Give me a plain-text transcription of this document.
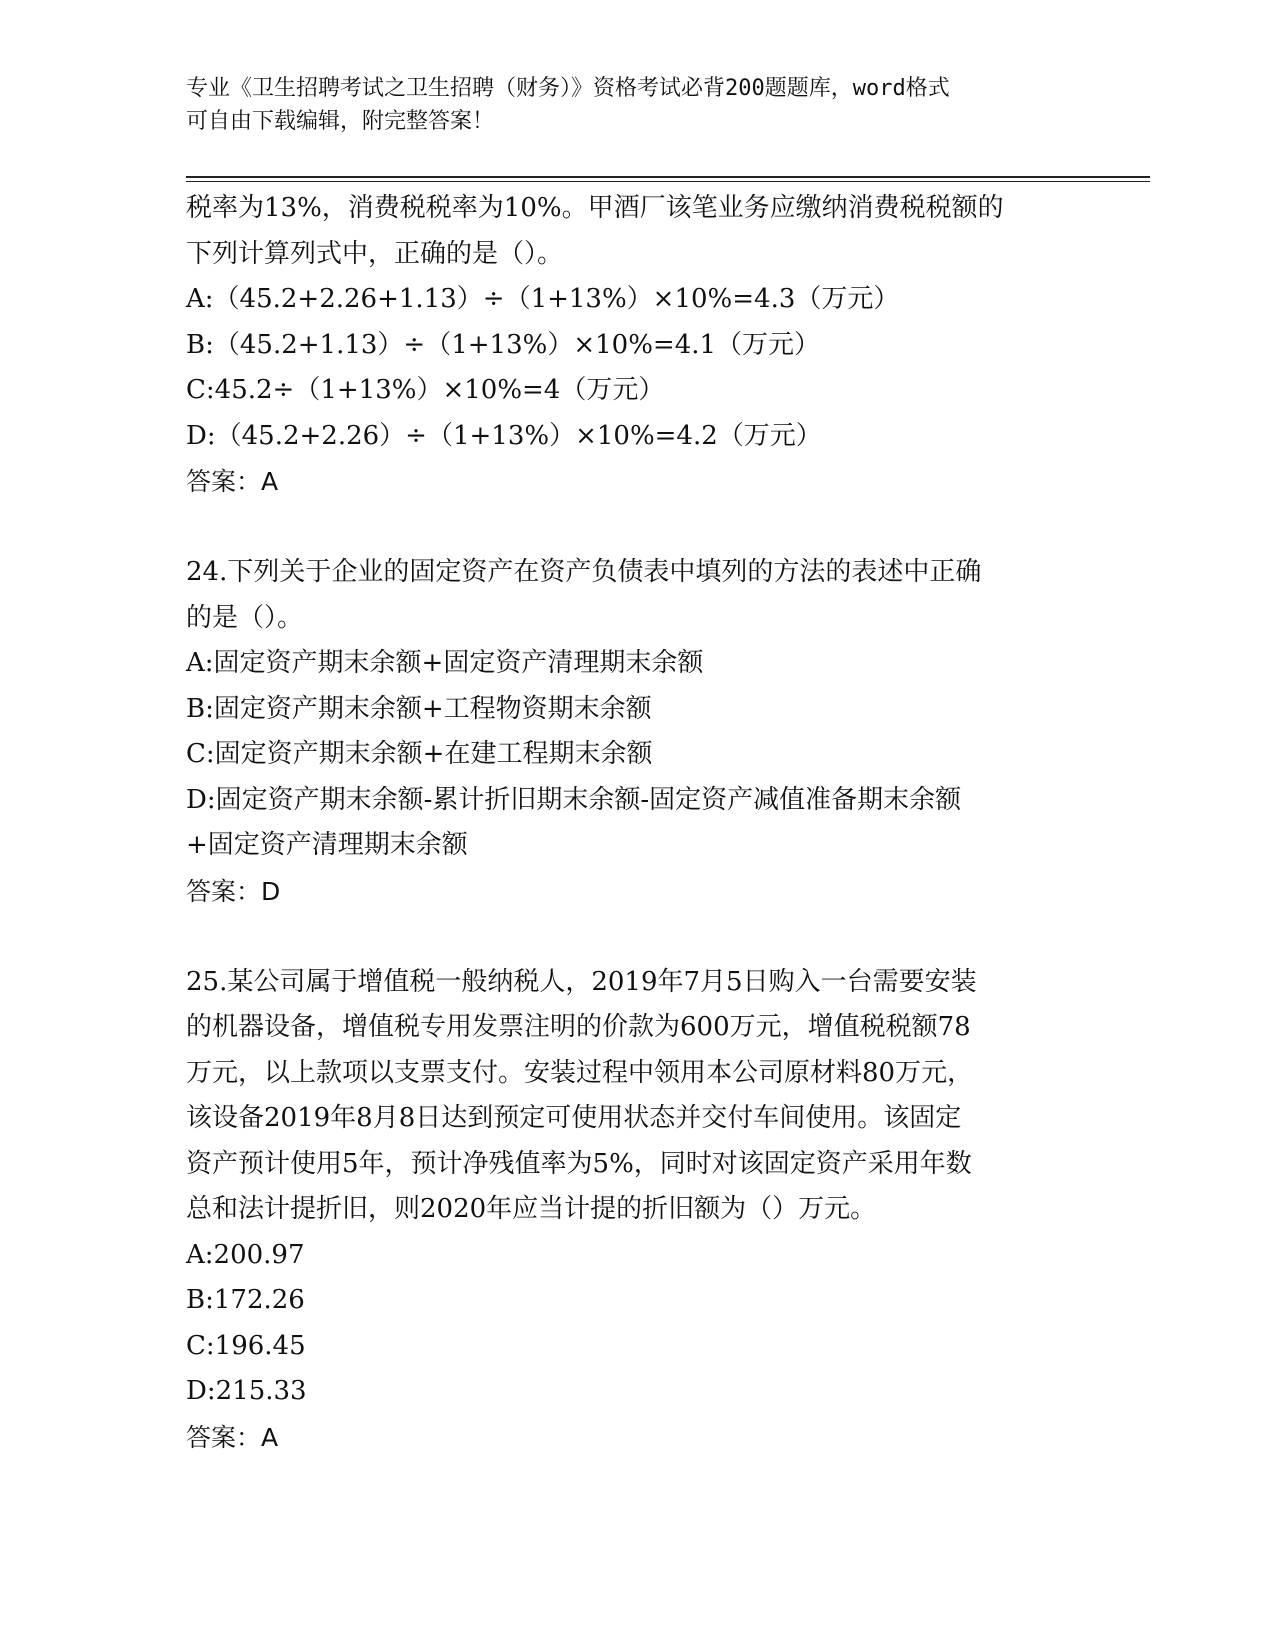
专业《卫生招聘考试之卫生招聘（财务）》资格考试必背200题题库，word格式
可自由下载编辑，附完整答案！

税率为13%，消费税税率为10%。甲酒厂该笔业务应缴纳消费税税额的

下列计算列式中，正确的是（）。

A:（45.2+2.26+1.13）÷（1+13%）×10%=4.3（万元）

B:（45.2+1.13）÷（1+13%）×10%=4.1（万元）

C:45.2÷（1+13%）×10%=4（万元）

D:（45.2+2.26）÷（1+13%）×10%=4.2（万元）

答案：A

24.下列关于企业的固定资产在资产负债表中填列的方法的表述中正确

的是（）。

A:固定资产期末余额+固定资产清理期末余额

B:固定资产期末余额+工程物资期末余额

C:固定资产期末余额+在建工程期末余额

D:固定资产期末余额-累计折旧期末余额-固定资产减值准备期末余额

+固定资产清理期末余额

答案：D

25.某公司属于增值税一般纳税人，2019年7月5日购入一台需要安装

的机器设备，增值税专用发票注明的价款为600万元，增值税税额78

万元，以上款项以支票支付。安装过程中领用本公司原材料80万元，

该设备2019年8月8日达到预定可使用状态并交付车间使用。该固定

资产预计使用5年，预计净残值率为5%，同时对该固定资产采用年数

总和法计提折旧，则2020年应当计提的折旧额为（）万元。

A:200.97

B:172.26

C:196.45

D:215.33

答案：A
